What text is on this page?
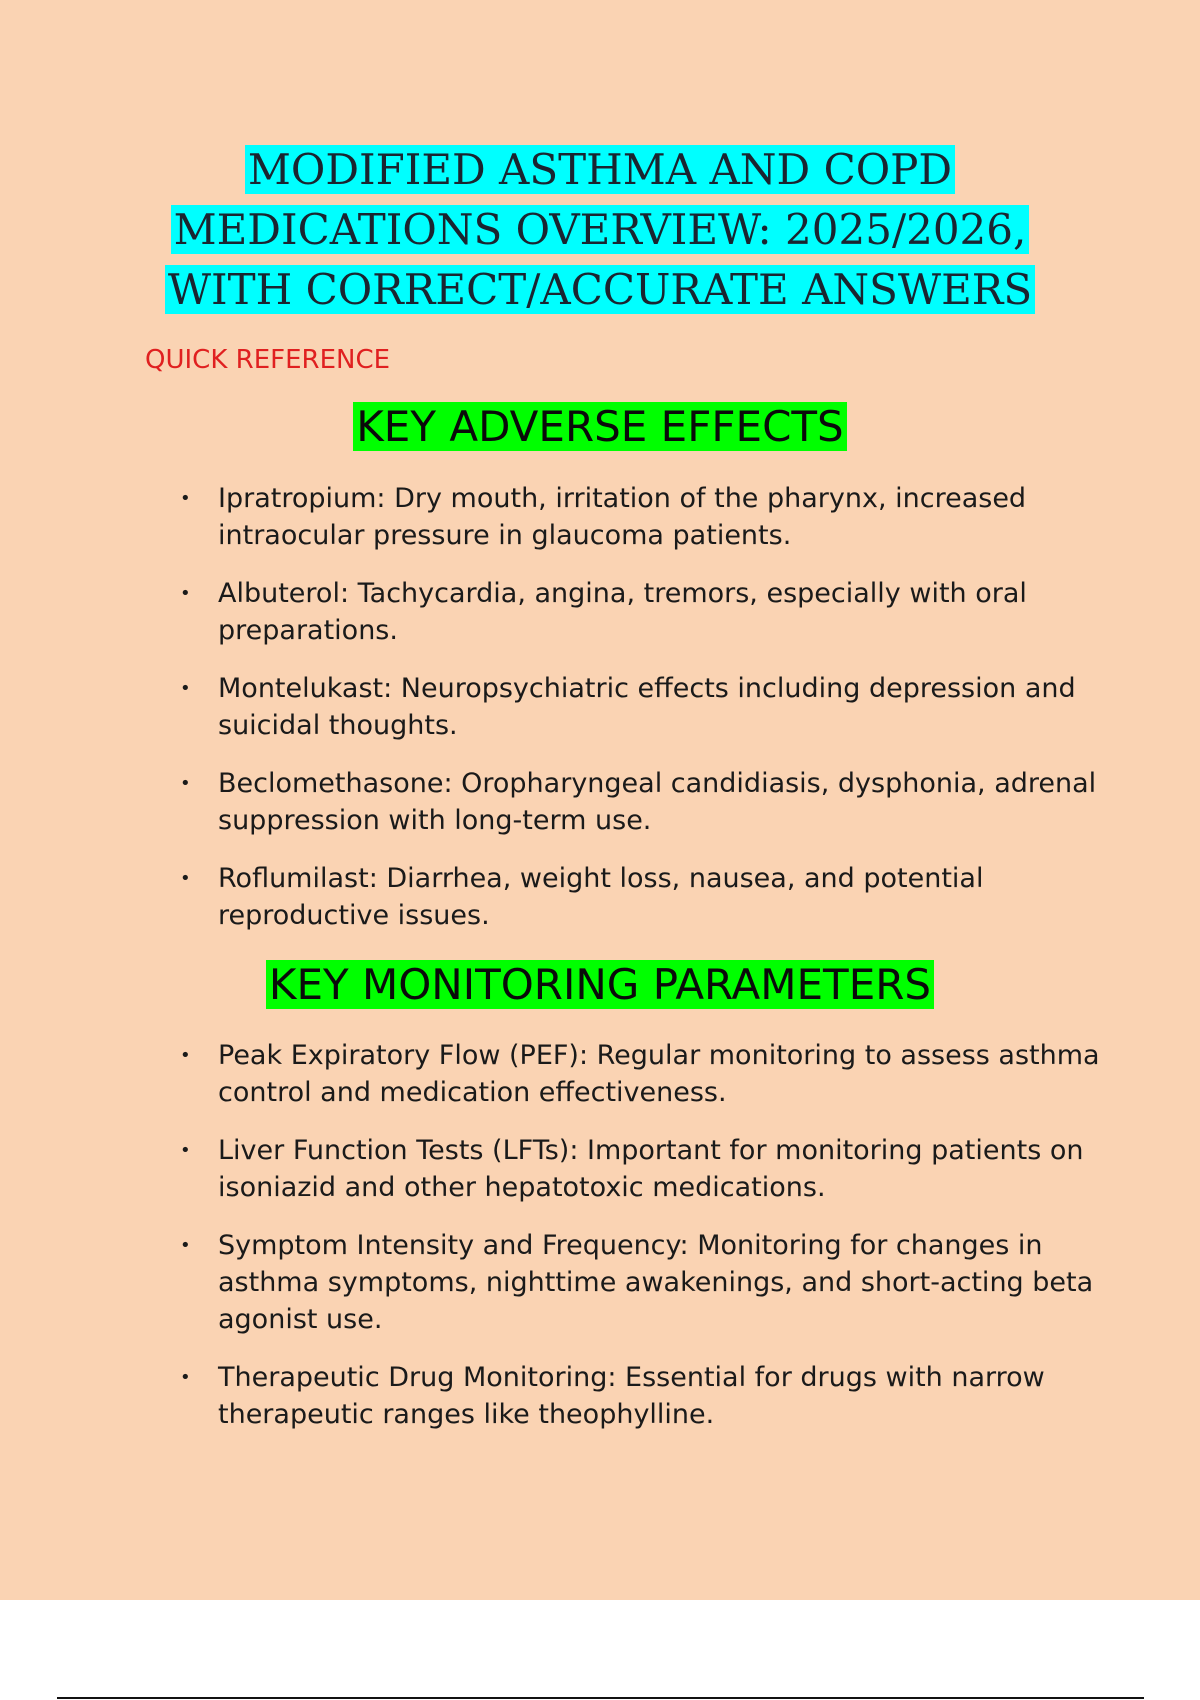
MODIFIED ASTHMA AND COPD
MEDICATIONS OVERVIEW: 2025/2026,
WITH CORRECT/ACCURATE ANSWERS
QUICK REFERENCE
KEY ADVERSE EFFECTS
• Ipratropium: Dry mouth, irritation of the pharynx, increased intraocular pressure in glaucoma patients.
• Albuterol: Tachycardia, angina, tremors, especially with oral preparations.
• Montelukast: Neuropsychiatric effects including depression and suicidal thoughts.
• Beclomethasone: Oropharyngeal candidiasis, dysphonia, adrenal suppression with long-term use.
• Roflumilast: Diarrhea, weight loss, nausea, and potential reproductive issues.
KEY MONITORING PARAMETERS
• Peak Expiratory Flow (PEF): Regular monitoring to assess asthma control and medication effectiveness.
• Liver Function Tests (LFTs): Important for monitoring patients on isoniazid and other hepatotoxic medications.
• Symptom Intensity and Frequency: Monitoring for changes in asthma symptoms, nighttime awakenings, and short-acting beta agonist use.
• Therapeutic Drug Monitoring: Essential for drugs with narrow therapeutic ranges like theophylline.
